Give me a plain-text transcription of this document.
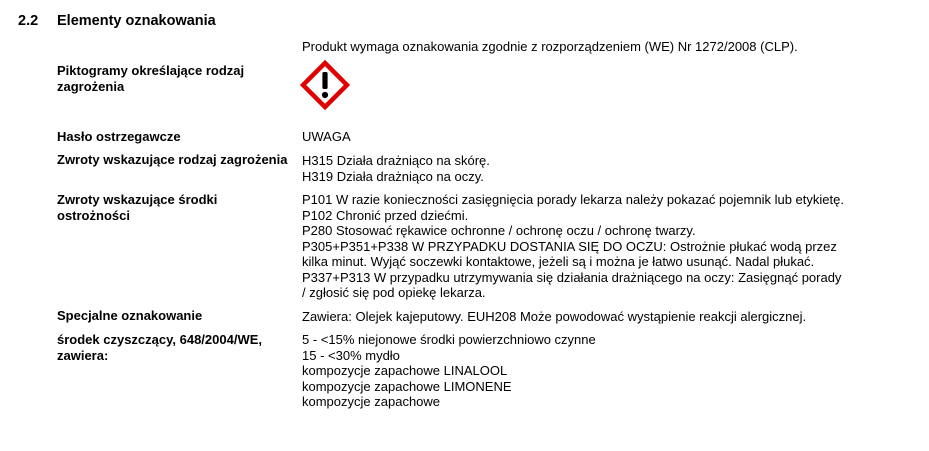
2.2 Elementy oznakowania
Produkt wymaga oznakowania zgodnie z rozporządzeniem (WE) Nr 1272/2008 (CLP).
Piktogramy określające rodzaj
zagrożenia
Hasło ostrzegawcze	UWAGA
Zwroty wskazujące rodzaj zagrożenia H315 Działa drażniąco na skórę.
H319 Działa drażniąco na oczy.
Zwroty wskazujące środki
ostrożności
P101 W razie konieczności zasięgnięcia porady lekarza należy pokazać pojemnik lub etykietę.
P102 Chronić przed dziećmi.
P280 Stosować rękawice ochronne / ochronę oczu / ochronę twarzy.
P305+P351+P338 W PRZYPADKU DOSTANIA SIĘ DO OCZU: Ostrożnie płukać wodą przez
kilka minut. Wyjąć soczewki kontaktowe, jeżeli są i można je łatwo usunąć. Nadal płukać.
P337+P313 W przypadku utrzymywania się działania drażniącego na oczy: Zasięgnąć porady
/ zgłosić się pod opiekę lekarza.
Specjalne oznakowanie	Zawiera: Olejek kajeputowy. EUH208 Może powodować wystąpienie reakcji alergicznej.
środek czyszczący, 648/2004/WE,
zawiera:
5 - <15% niejonowe środki powierzchniowo czynne
15 - <30% mydło
kompozycje zapachowe LINALOOL
kompozycje zapachowe LIMONENE
kompozycje zapachowe
